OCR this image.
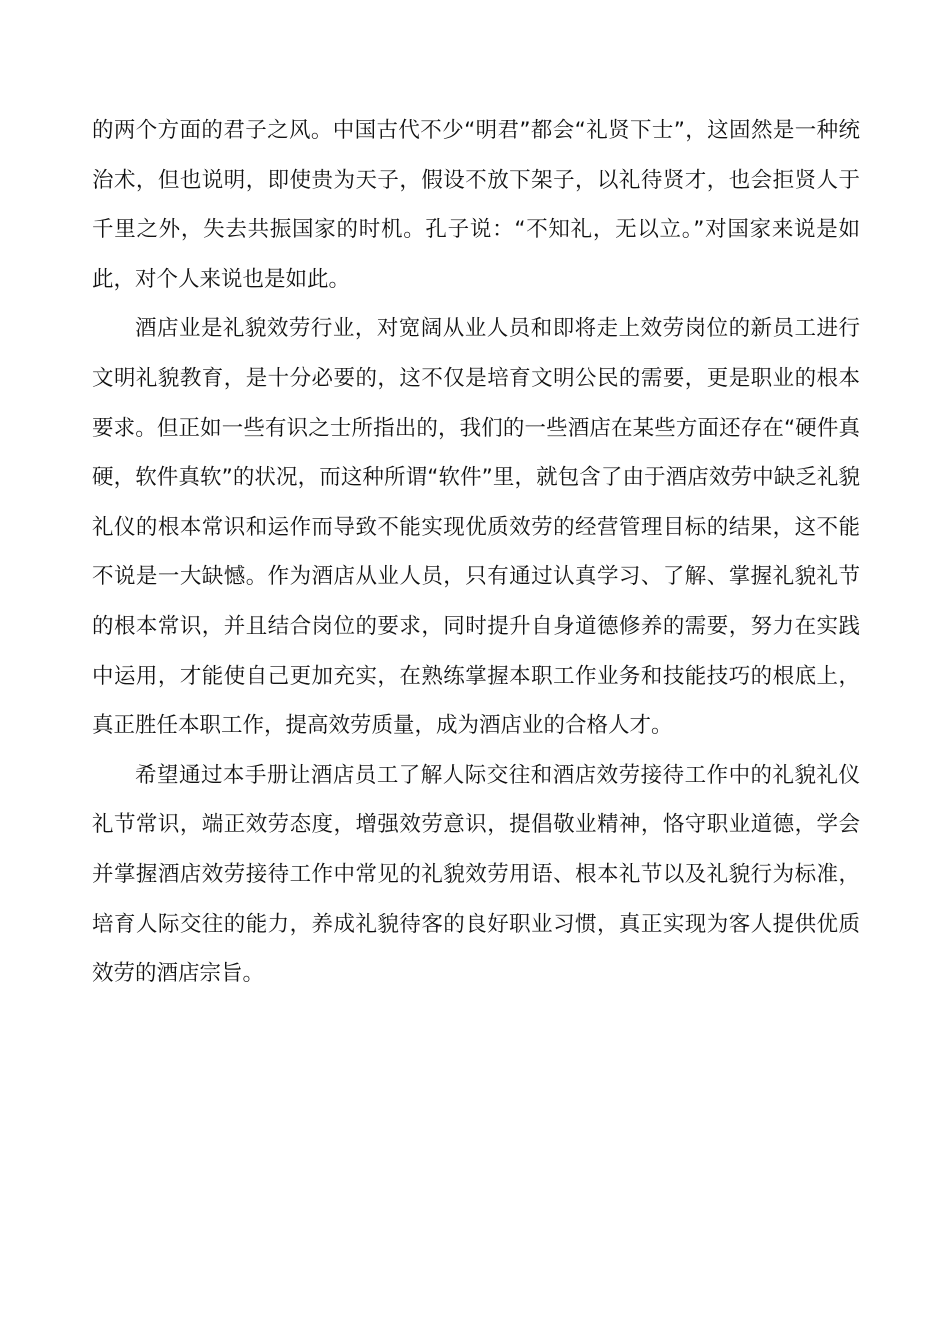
的两个方面的君子之风。中国古代不少“明君”都会“礼贤下士”，这固然是一种统治术，但也说明，即使贵为天子，假设不放下架子，以礼待贤才，也会拒贤人于千里之外，失去共振国家的时机。孔子说：“不知礼，无以立。”对国家来说是如此，对个人来说也是如此。

酒店业是礼貌效劳行业，对宽阔从业人员和即将走上效劳岗位的新员工进行文明礼貌教育，是十分必要的，这不仅是培育文明公民的需要，更是职业的根本要求。但正如一些有识之士所指出的，我们的一些酒店在某些方面还存在“硬件真硬，软件真软”的状况，而这种所谓“软件”里，就包含了由于酒店效劳中缺乏礼貌礼仪的根本常识和运作而导致不能实现优质效劳的经营管理目标的结果，这不能不说是一大缺憾。作为酒店从业人员，只有通过认真学习、了解、掌握礼貌礼节的根本常识，并且结合岗位的要求，同时提升自身道德修养的需要，努力在实践中运用，才能使自己更加充实，在熟练掌握本职工作业务和技能技巧的根底上，真正胜任本职工作，提高效劳质量，成为酒店业的合格人才。

希望通过本手册让酒店员工了解人际交往和酒店效劳接待工作中的礼貌礼仪礼节常识，端正效劳态度，增强效劳意识，提倡敬业精神，恪守职业道德，学会并掌握酒店效劳接待工作中常见的礼貌效劳用语、根本礼节以及礼貌行为标准，培育人际交往的能力，养成礼貌待客的良好职业习惯，真正实现为客人提供优质效劳的酒店宗旨。
